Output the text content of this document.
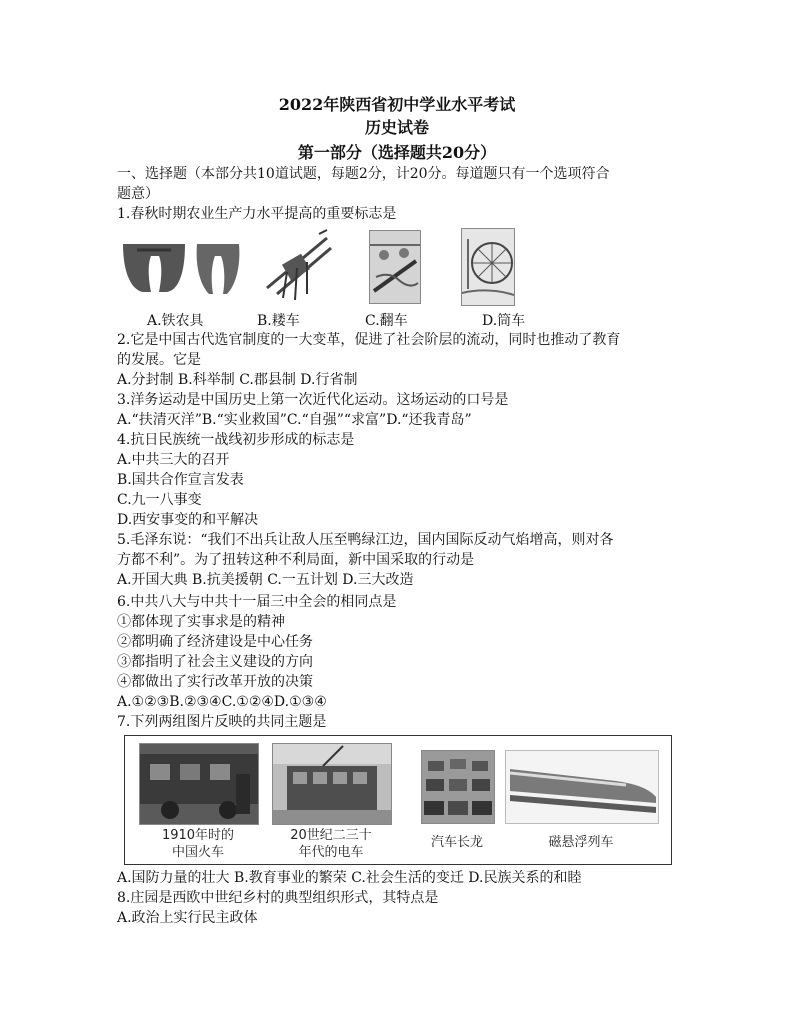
2022年陕西省初中学业水平考试
历史试卷
第一部分（选择题共20分）
一、选择题（本部分共10道试题，每题2分，计20分。每道题只有一个选项符合
题意）
1.春秋时期农业生产力水平提高的重要标志是
A.铁农具	B.耧车	C.翻车	D.筒车
2.它是中国古代选官制度的一大变革，促进了社会阶层的流动，同时也推动了教育
的发展。它是
A.分封制 B.科举制 C.郡县制 D.行省制
3.洋务运动是中国历史上第一次近代化运动。这场运动的口号是
A.“扶清灭洋”B.“实业救国”C.“自强”“求富”D.“还我青岛”
4.抗日民族统一战线初步形成的标志是
A.中共三大的召开
B.国共合作宣言发表
C.九一八事变
D.西安事变的和平解决
5.毛泽东说：“我们不出兵让敌人压至鸭绿江边，国内国际反动气焰增高，则对各
方都不利”。为了扭转这种不利局面，新中国采取的行动是
A.开国大典 B.抗美援朝 C.一五计划 D.三大改造
6.中共八大与中共十一届三中全会的相同点是
①都体现了实事求是的精神
②都明确了经济建设是中心任务
③都指明了社会主义建设的方向
④都做出了实行改革开放的决策
A.①②③B.②③④C.①②④D.①③④
7.下列两组图片反映的共同主题是
1910年时的
中国火车
20世纪二三十
年代的电车
汽车长龙	磁悬浮列车
A.国防力量的壮大 B.教育事业的繁荣 C.社会生活的变迁 D.民族关系的和睦
8.庄园是西欧中世纪乡村的典型组织形式，其特点是
A.政治上实行民主政体
